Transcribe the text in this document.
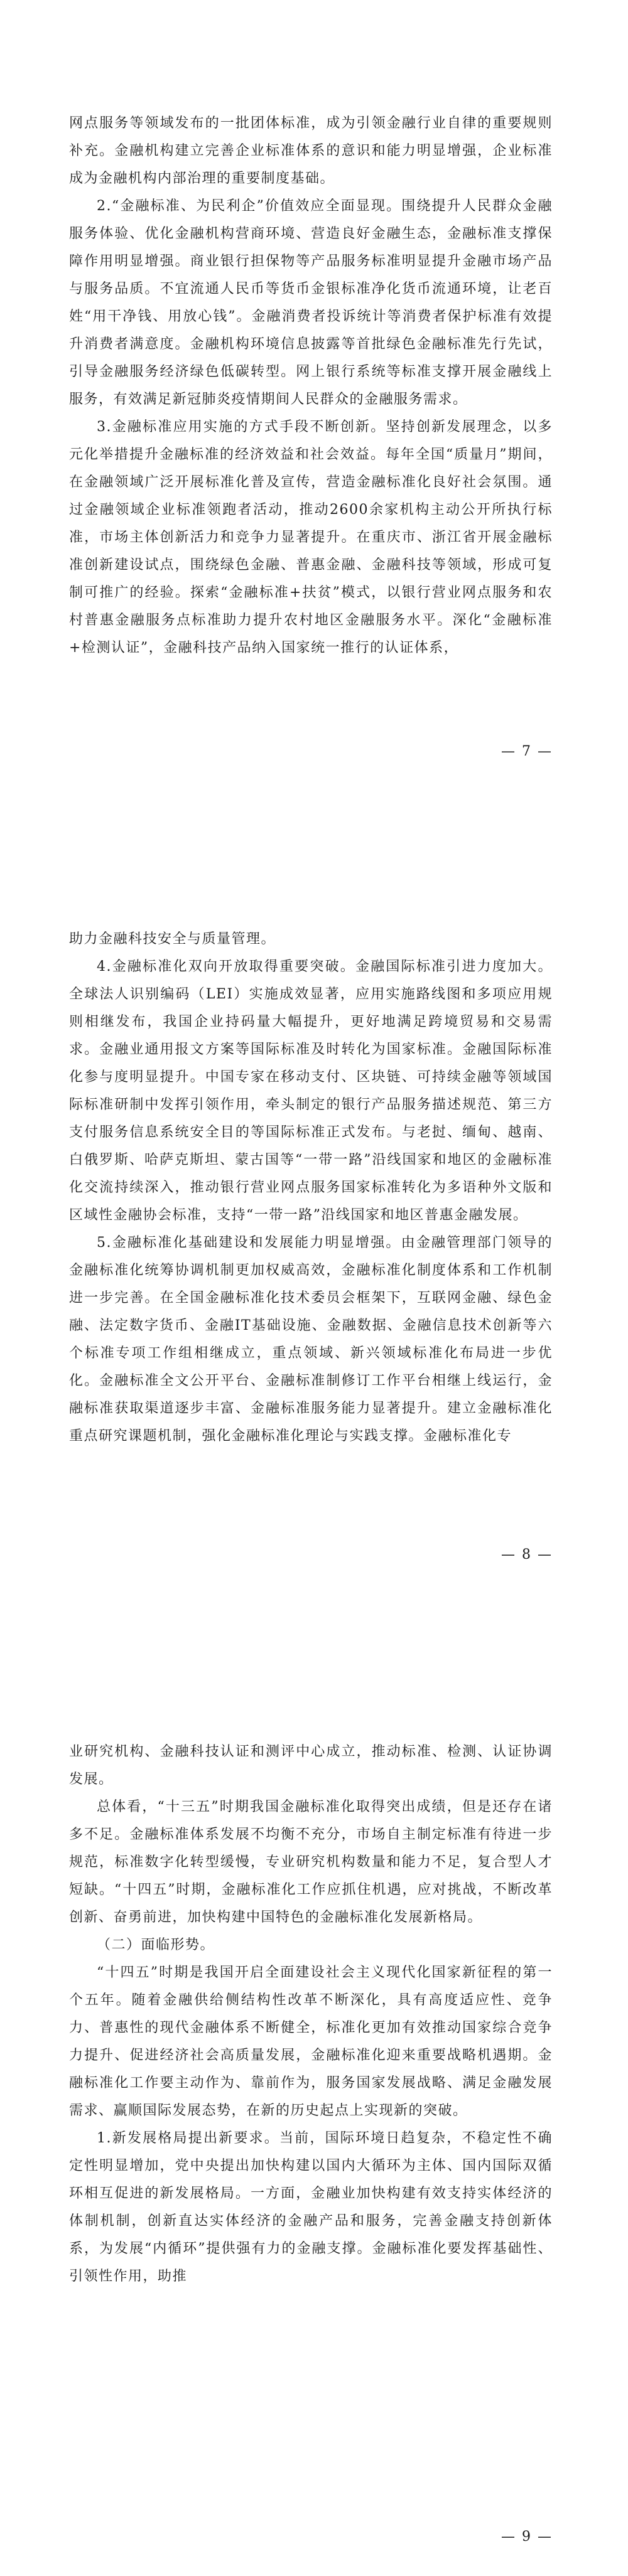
网点服务等领域发布的一批团体标准，成为引领金融行业自律的重要规则补充。金融机构建立完善企业标准体系的意识和能力明显增强，企业标准成为金融机构内部治理的重要制度基础。

2.“金融标准、为民利企”价值效应全面显现。围绕提升人民群众金融服务体验、优化金融机构营商环境、营造良好金融生态，金融标准支撑保障作用明显增强。商业银行担保物等产品服务标准明显提升金融市场产品与服务品质。不宜流通人民币等货币金银标准净化货币流通环境，让老百姓“用干净钱、用放心钱”。金融消费者投诉统计等消费者保护标准有效提升消费者满意度。金融机构环境信息披露等首批绿色金融标准先行先试，引导金融服务经济绿色低碳转型。网上银行系统等标准支撑开展金融线上服务，有效满足新冠肺炎疫情期间人民群众的金融服务需求。

3.金融标准应用实施的方式手段不断创新。坚持创新发展理念，以多元化举措提升金融标准的经济效益和社会效益。每年全国“质量月”期间，在金融领域广泛开展标准化普及宣传，营造金融标准化良好社会氛围。通过金融领域企业标准领跑者活动，推动2600余家机构主动公开所执行标准，市场主体创新活力和竞争力显著提升。在重庆市、浙江省开展金融标准创新建设试点，围绕绿色金融、普惠金融、金融科技等领域，形成可复制可推广的经验。探索“金融标准+扶贫”模式，以银行营业网点服务和农村普惠金融服务点标准助力提升农村地区金融服务水平。深化“金融标准+检测认证”，金融科技产品纳入国家统一推行的认证体系，

— 7 —

助力金融科技安全与质量管理。

4.金融标准化双向开放取得重要突破。金融国际标准引进力度加大。全球法人识别编码（LEI）实施成效显著，应用实施路线图和多项应用规则相继发布，我国企业持码量大幅提升，更好地满足跨境贸易和交易需求。金融业通用报文方案等国际标准及时转化为国家标准。金融国际标准化参与度明显提升。中国专家在移动支付、区块链、可持续金融等领域国际标准研制中发挥引领作用，牵头制定的银行产品服务描述规范、第三方支付服务信息系统安全目的等国际标准正式发布。与老挝、缅甸、越南、白俄罗斯、哈萨克斯坦、蒙古国等“一带一路”沿线国家和地区的金融标准化交流持续深入，推动银行营业网点服务国家标准转化为多语种外文版和区域性金融协会标准，支持“一带一路”沿线国家和地区普惠金融发展。

5.金融标准化基础建设和发展能力明显增强。由金融管理部门领导的金融标准化统筹协调机制更加权威高效，金融标准化制度体系和工作机制进一步完善。在全国金融标准化技术委员会框架下，互联网金融、绿色金融、法定数字货币、金融IT基础设施、金融数据、金融信息技术创新等六个标准专项工作组相继成立，重点领域、新兴领域标准化布局进一步优化。金融标准全文公开平台、金融标准制修订工作平台相继上线运行，金融标准获取渠道逐步丰富、金融标准服务能力显著提升。建立金融标准化重点研究课题机制，强化金融标准化理论与实践支撑。金融标准化专

— 8 —

业研究机构、金融科技认证和测评中心成立，推动标准、检测、认证协调发展。

总体看，“十三五”时期我国金融标准化取得突出成绩，但是还存在诸多不足。金融标准体系发展不均衡不充分，市场自主制定标准有待进一步规范，标准数字化转型缓慢，专业研究机构数量和能力不足，复合型人才短缺。“十四五”时期，金融标准化工作应抓住机遇，应对挑战，不断改革创新、奋勇前进，加快构建中国特色的金融标准化发展新格局。

（二）面临形势。

“十四五”时期是我国开启全面建设社会主义现代化国家新征程的第一个五年。随着金融供给侧结构性改革不断深化，具有高度适应性、竞争力、普惠性的现代金融体系不断健全，标准化更加有效推动国家综合竞争力提升、促进经济社会高质量发展，金融标准化迎来重要战略机遇期。金融标准化工作要主动作为、靠前作为，服务国家发展战略、满足金融发展需求、赢顺国际发展态势，在新的历史起点上实现新的突破。

1.新发展格局提出新要求。当前，国际环境日趋复杂，不稳定性不确定性明显增加，党中央提出加快构建以国内大循环为主体、国内国际双循环相互促进的新发展格局。一方面，金融业加快构建有效支持实体经济的体制机制，创新直达实体经济的金融产品和服务，完善金融支持创新体系，为发展“内循环”提供强有力的金融支撑。金融标准化要发挥基础性、引领性作用，助推

— 9 —
